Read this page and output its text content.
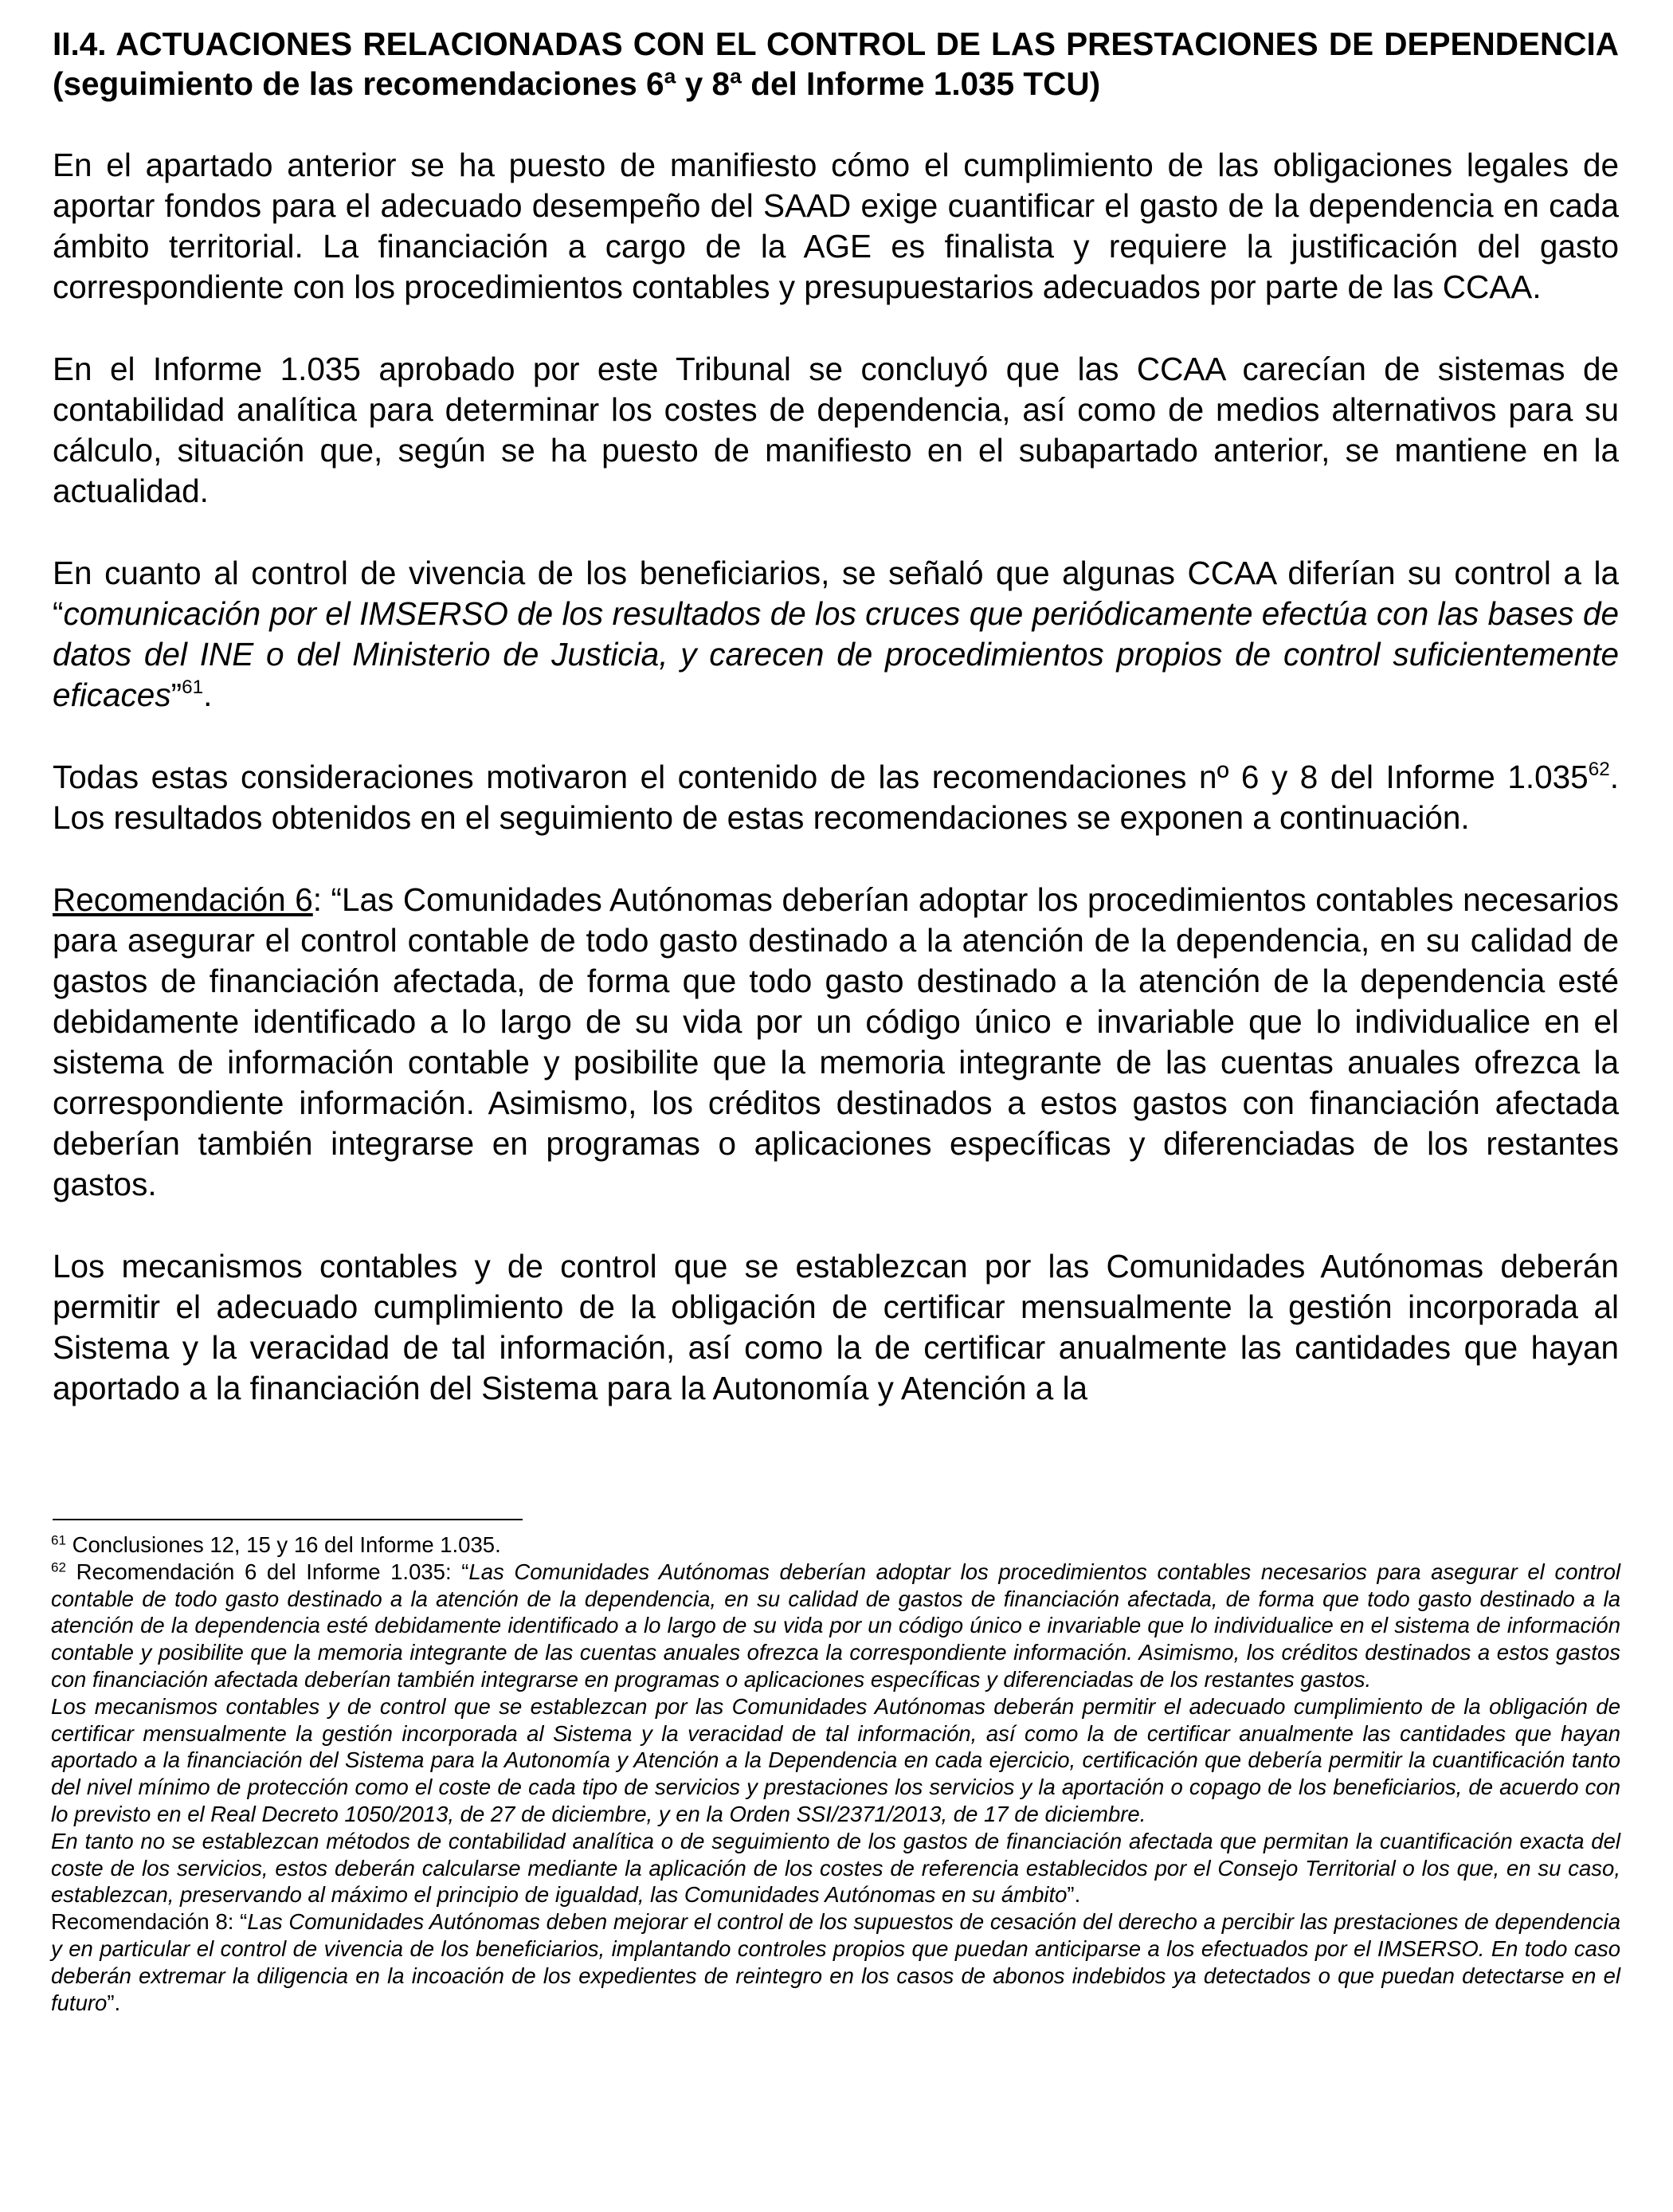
II.4. ACTUACIONES RELACIONADAS CON EL CONTROL DE LAS PRESTACIONES DE DEPENDENCIA (seguimiento de las recomendaciones 6ª y 8ª del Informe 1.035 TCU)

En el apartado anterior se ha puesto de manifiesto cómo el cumplimiento de las obligaciones legales de aportar fondos para el adecuado desempeño del SAAD exige cuantificar el gasto de la dependencia en cada ámbito territorial. La financiación a cargo de la AGE es finalista y requiere la justificación del gasto correspondiente con los procedimientos contables y presupuestarios adecuados por parte de las CCAA.

En el Informe 1.035 aprobado por este Tribunal se concluyó que las CCAA carecían de sistemas de contabilidad analítica para determinar los costes de dependencia, así como de medios alternativos para su cálculo, situación que, según se ha puesto de manifiesto en el subapartado anterior, se mantiene en la actualidad.

En cuanto al control de vivencia de los beneficiarios, se señaló que algunas CCAA diferían su control a la “comunicación por el IMSERSO de los resultados de los cruces que periódicamente efectúa con las bases de datos del INE o del Ministerio de Justicia, y carecen de procedimientos propios de control suficientemente eficaces”$^{61}$.

Todas estas consideraciones motivaron el contenido de las recomendaciones nº 6 y 8 del Informe 1.035$^{62}$. Los resultados obtenidos en el seguimiento de estas recomendaciones se exponen a continuación.

Recomendación 6: “Las Comunidades Autónomas deberían adoptar los procedimientos contables necesarios para asegurar el control contable de todo gasto destinado a la atención de la dependencia, en su calidad de gastos de financiación afectada, de forma que todo gasto destinado a la atención de la dependencia esté debidamente identificado a lo largo de su vida por un código único e invariable que lo individualice en el sistema de información contable y posibilite que la memoria integrante de las cuentas anuales ofrezca la correspondiente información. Asimismo, los créditos destinados a estos gastos con financiación afectada deberían también integrarse en programas o aplicaciones específicas y diferenciadas de los restantes gastos.

Los mecanismos contables y de control que se establezcan por las Comunidades Autónomas deberán permitir el adecuado cumplimiento de la obligación de certificar mensualmente la gestión incorporada al Sistema y la veracidad de tal información, así como la de certificar anualmente las cantidades que hayan aportado a la financiación del Sistema para la Autonomía y Atención a la

$^{61}$ Conclusiones 12, 15 y 16 del Informe 1.035.

$^{62}$ Recomendación 6 del Informe 1.035: “Las Comunidades Autónomas deberían adoptar los procedimientos contables necesarios para asegurar el control contable de todo gasto destinado a la atención de la dependencia, en su calidad de gastos de financiación afectada, de forma que todo gasto destinado a la atención de la dependencia esté debidamente identificado a lo largo de su vida por un código único e invariable que lo individualice en el sistema de información contable y posibilite que la memoria integrante de las cuentas anuales ofrezca la correspondiente información. Asimismo, los créditos destinados a estos gastos con financiación afectada deberían también integrarse en programas o aplicaciones específicas y diferenciadas de los restantes gastos.

Los mecanismos contables y de control que se establezcan por las Comunidades Autónomas deberán permitir el adecuado cumplimiento de la obligación de certificar mensualmente la gestión incorporada al Sistema y la veracidad de tal información, así como la de certificar anualmente las cantidades que hayan aportado a la financiación del Sistema para la Autonomía y Atención a la Dependencia en cada ejercicio, certificación que debería permitir la cuantificación tanto del nivel mínimo de protección como el coste de cada tipo de servicios y prestaciones los servicios y la aportación o copago de los beneficiarios, de acuerdo con lo previsto en el Real Decreto 1050/2013, de 27 de diciembre, y en la Orden SSI/2371/2013, de 17 de diciembre.

En tanto no se establezcan métodos de contabilidad analítica o de seguimiento de los gastos de financiación afectada que permitan la cuantificación exacta del coste de los servicios, estos deberán calcularse mediante la aplicación de los costes de referencia establecidos por el Consejo Territorial o los que, en su caso, establezcan, preservando al máximo el principio de igualdad, las Comunidades Autónomas en su ámbito”.

Recomendación 8: “Las Comunidades Autónomas deben mejorar el control de los supuestos de cesación del derecho a percibir las prestaciones de dependencia y en particular el control de vivencia de los beneficiarios, implantando controles propios que puedan anticiparse a los efectuados por el IMSERSO. En todo caso deberán extremar la diligencia en la incoación de los expedientes de reintegro en los casos de abonos indebidos ya detectados o que puedan detectarse en el futuro”.
